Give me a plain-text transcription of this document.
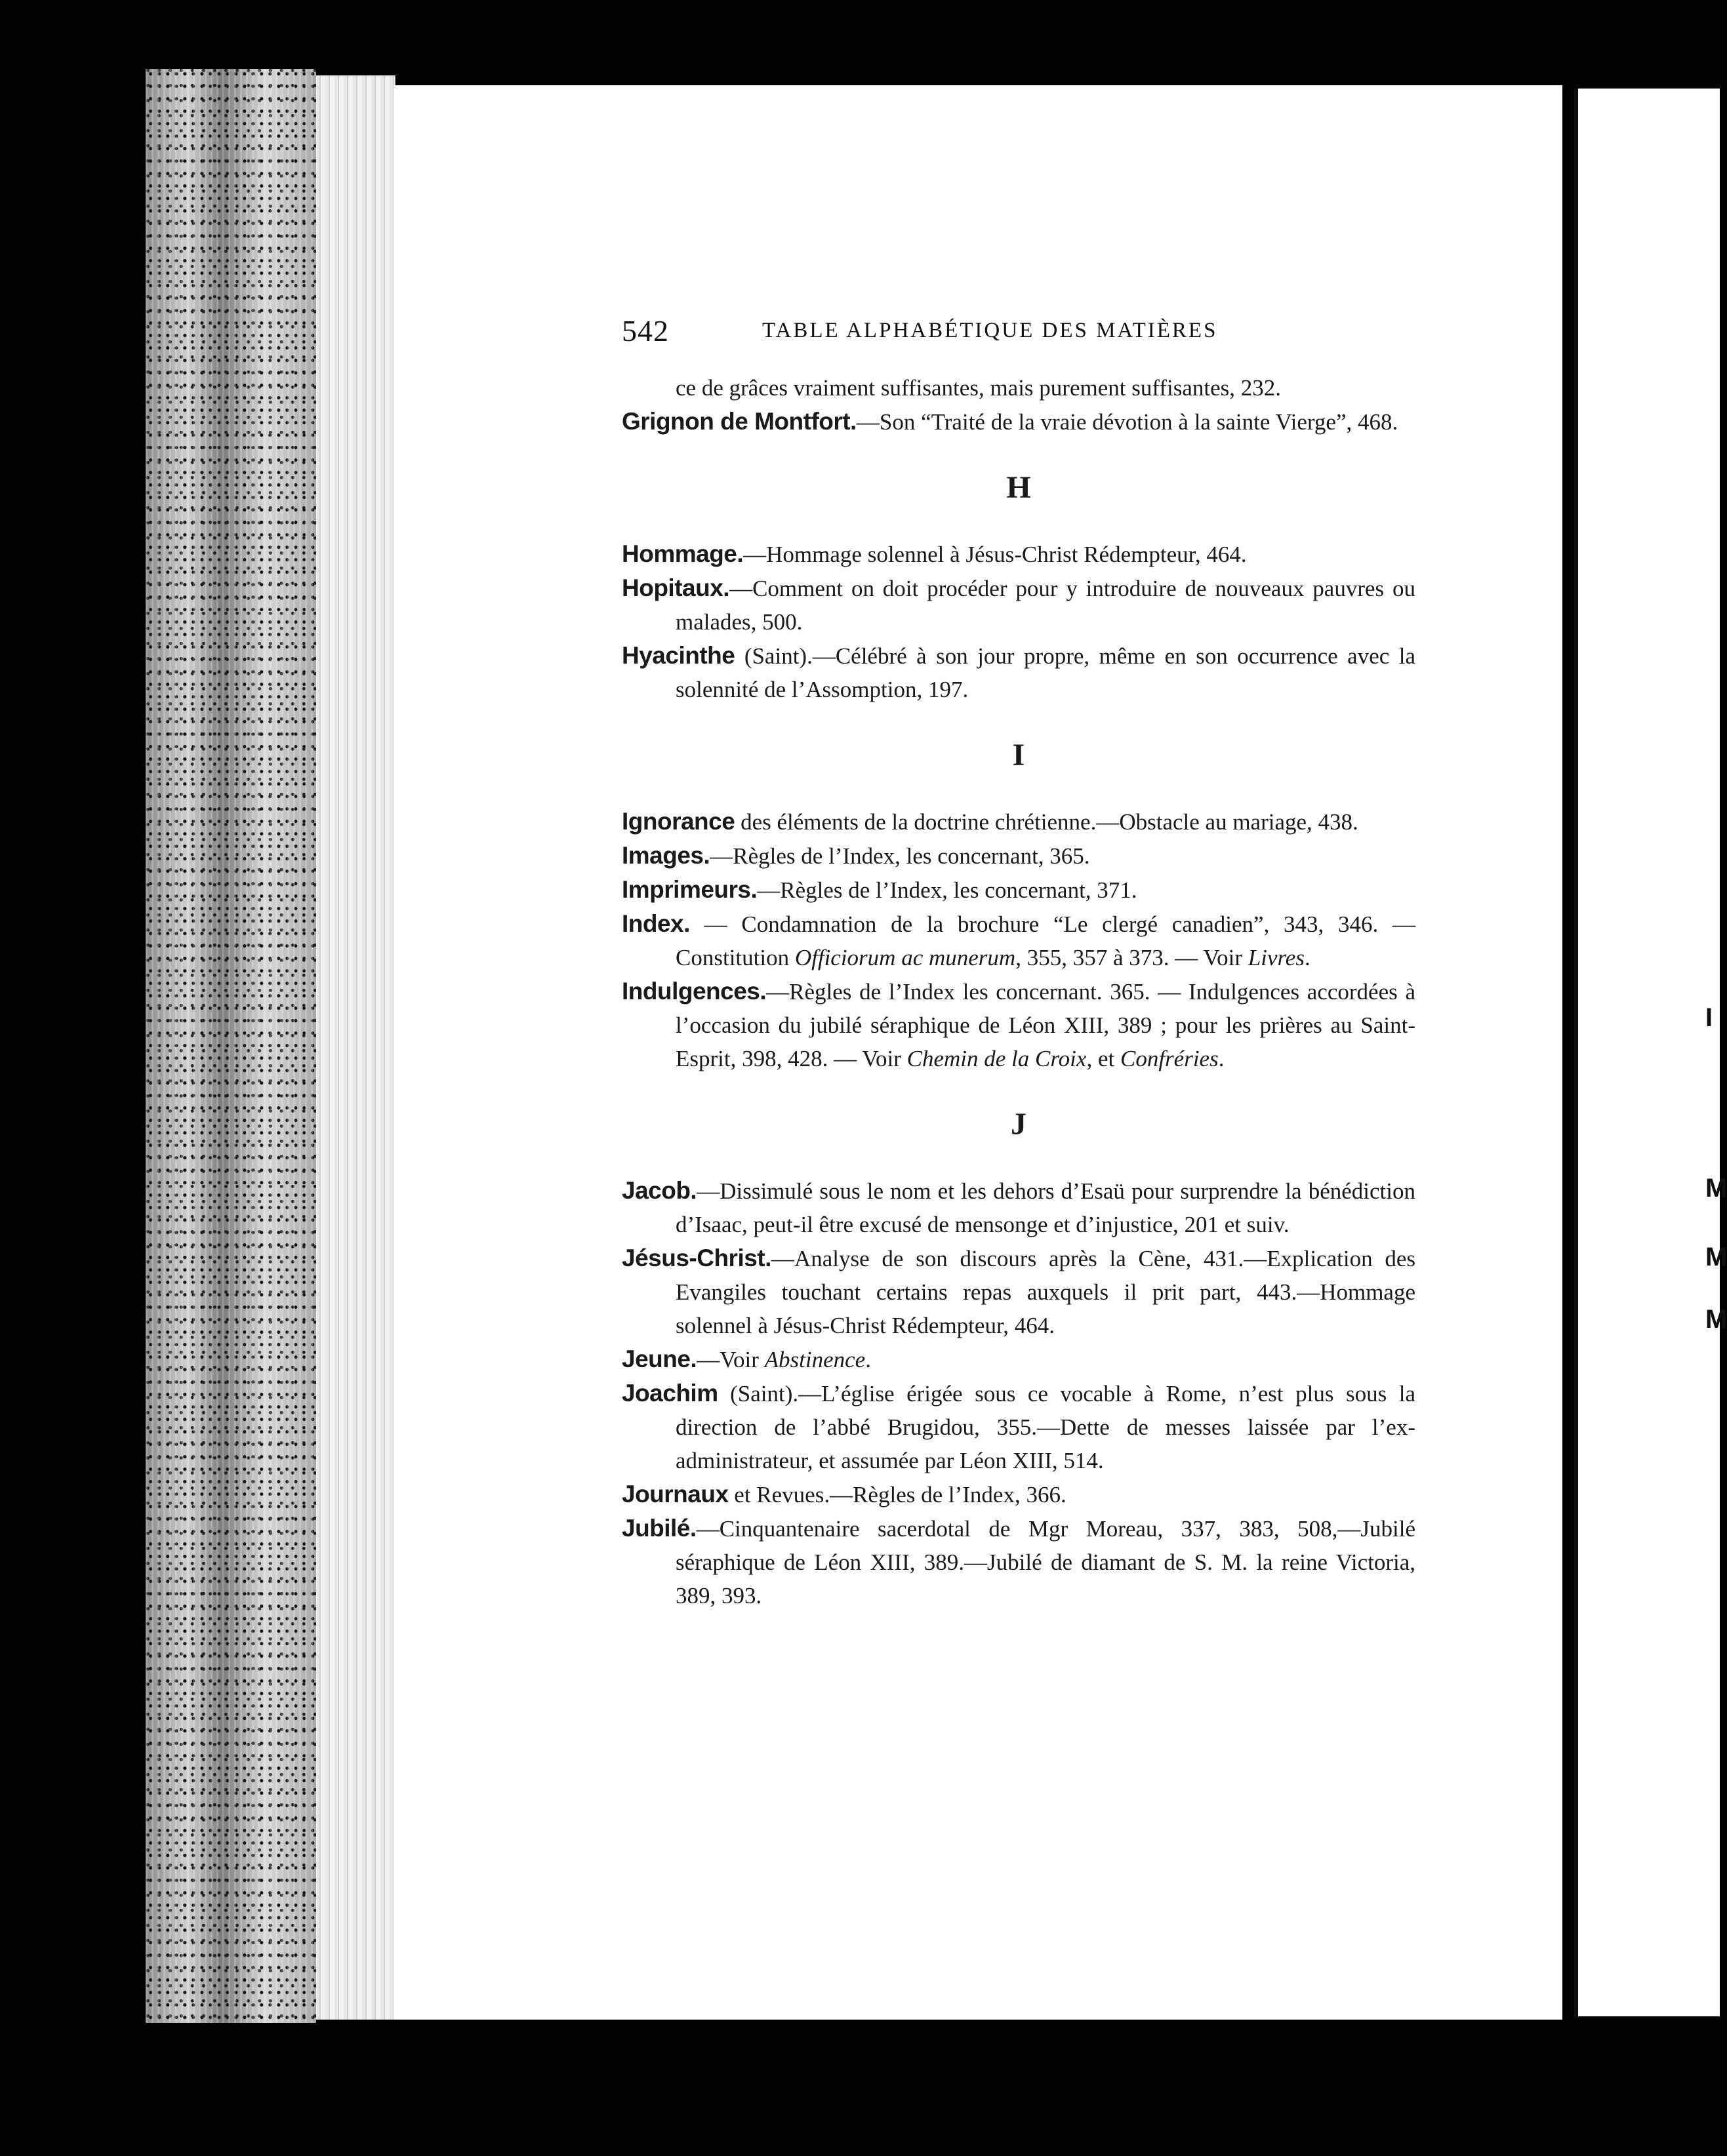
I
M
M
M
542	TABLE ALPHABÉTIQUE DES MATIÈRES

ce de grâces vraiment suffisantes, mais purement suffisantes, 232.

Grignon de Montfort.—Son “Traité de la vraie dévotion à la sainte Vierge”, 468.

H

Hommage.—Hommage solennel à Jésus-Christ Rédempteur, 464.

Hopitaux.—Comment on doit procéder pour y introduire de nouveaux pauvres ou malades, 500.

Hyacinthe (Saint).—Célébré à son jour propre, même en son occurrence avec la solennité de l’Assomption, 197.

I

Ignorance des éléments de la doctrine chrétienne.—Obstacle au mariage, 438.

Images.—Règles de l’Index, les concernant, 365.

Imprimeurs.—Règles de l’Index, les concernant, 371.

Index. — Condamnation de la brochure “Le clergé canadien”, 343, 346. — Constitution Officiorum ac munerum, 355, 357 à 373. — Voir Livres.

Indulgences.—Règles de l’Index les concernant. 365. — Indulgences accordées à l’occasion du jubilé séraphique de Léon XIII, 389 ; pour les prières au Saint-Esprit, 398, 428. — Voir Chemin de la Croix, et Confréries.

J

Jacob.—Dissimulé sous le nom et les dehors d’Esaü pour surprendre la bénédiction d’Isaac, peut-il être excusé de mensonge et d’injustice, 201 et suiv.

Jésus-Christ.—Analyse de son discours après la Cène, 431.—Explication des Evangiles touchant certains repas auxquels il prit part, 443.—Hommage solennel à Jésus-Christ Rédempteur, 464.

Jeune.—Voir Abstinence.

Joachim (Saint).—L’église érigée sous ce vocable à Rome, n’est plus sous la direction de l’abbé Brugidou, 355.—Dette de messes laissée par l’ex-administrateur, et assumée par Léon XIII, 514.

Journaux et Revues.—Règles de l’Index, 366.

Jubilé.—Cinquantenaire sacerdotal de Mgr Moreau, 337, 383, 508,—Jubilé séraphique de Léon XIII, 389.—Jubilé de diamant de S. M. la reine Victoria, 389, 393.
